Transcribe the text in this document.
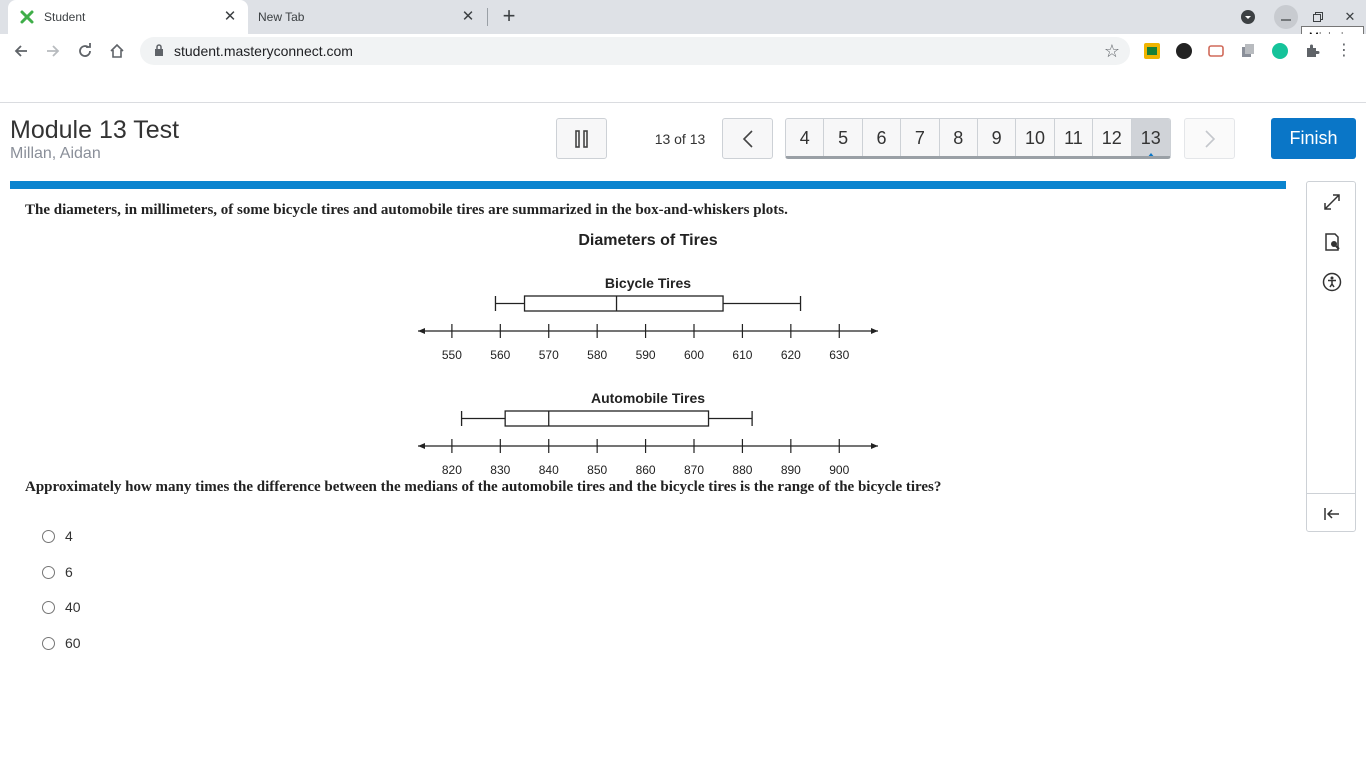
Student	✕ New Tab	✕ +	✕
student.masteryconnect.com	☆	⋮
Module 13 Test
Millan, Aidan
13 of 13	4	5	6	7	8	9	10	11	12	13	Finish
The diameters, in millimeters, of some bicycle tires and automobile tires are summarized in the box-and-whiskers plots.
Diameters of Tires
Bicycle Tires
550 560 570 580 590 600 610 620 630
Automobile Tires
820 830 840 850 860 870 880 890 900
Approximately how many times the difference between the medians of the automobile tires and the bicycle tires is the range of the bicycle tires?
4
6
40
60
